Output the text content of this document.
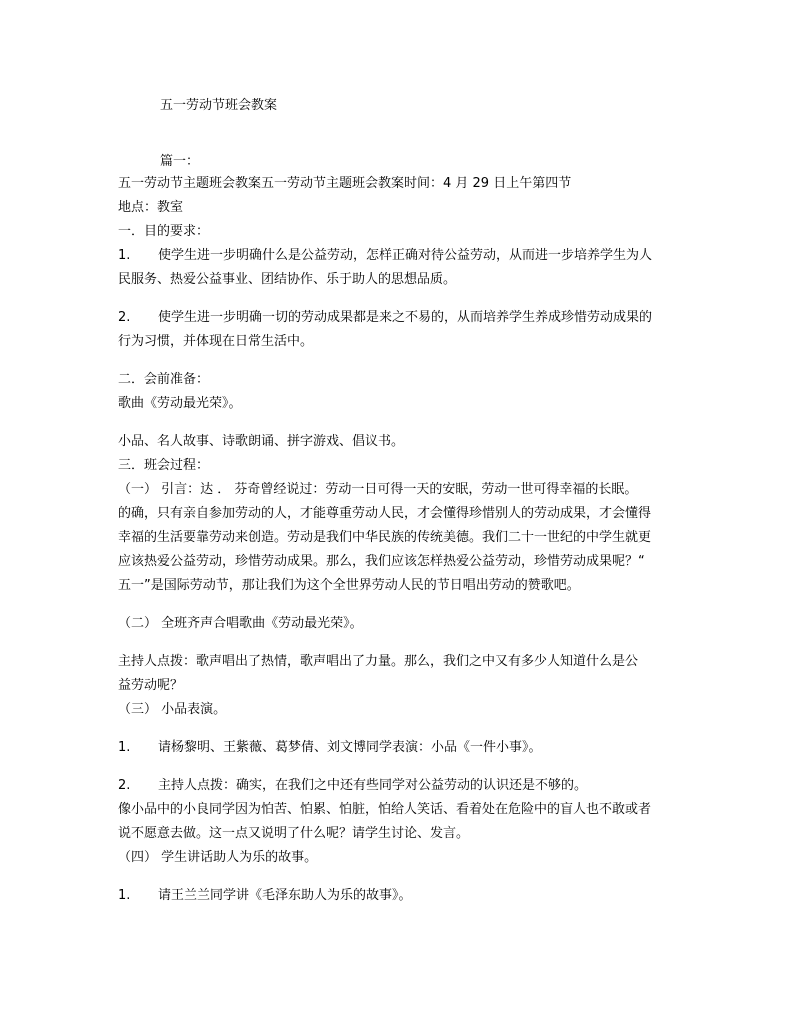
五一劳动节班会教案
篇一：
五一劳动节主题班会教案五一劳动节主题班会教案时间：4 月 29 日上午第四节
地点：教室
一．目的要求：
1. 使学生进一步明确什么是公益劳动，怎样正确对待公益劳动，从而进一步培养学生为人
民服务、热爱公益事业、团结协作、乐于助人的思想品质。
2. 使学生进一步明确一切的劳动成果都是来之不易的，从而培养学生养成珍惜劳动成果的
行为习惯，并体现在日常生活中。
二．会前准备：
歌曲《劳动最光荣》。
小品、名人故事、诗歌朗诵、拼字游戏、倡议书。
三．班会过程：
（一） 引言：达 ． 芬奇曾经说过：劳动一日可得一天的安眠，劳动一世可得幸福的长眠。
的确，只有亲自参加劳动的人，才能尊重劳动人民，才会懂得珍惜别人的劳动成果，才会懂得
幸福的生活要靠劳动来创造。劳动是我们中华民族的传统美德。我们二十一世纪的中学生就更
应该热爱公益劳动，珍惜劳动成果。那么，我们应该怎样热爱公益劳动，珍惜劳动成果呢？“
五一”是国际劳动节，那让我们为这个全世界劳动人民的节日唱出劳动的赞歌吧。
（二） 全班齐声合唱歌曲《劳动最光荣》。
主持人点拨：歌声唱出了热情，歌声唱出了力量。那么，我们之中又有多少人知道什么是公
益劳动呢？
（三） 小品表演。
1. 请杨黎明、王紫薇、葛梦倩、刘文博同学表演：小品《一件小事》。
2. 主持人点拨：确实，在我们之中还有些同学对公益劳动的认识还是不够的。
像小品中的小良同学因为怕苦、怕累、怕脏，怕给人笑话、看着处在危险中的盲人也不敢或者
说不愿意去做。这一点又说明了什么呢？请学生讨论、发言。
（四） 学生讲话助人为乐的故事。
1. 请王兰兰同学讲《毛泽东助人为乐的故事》。
